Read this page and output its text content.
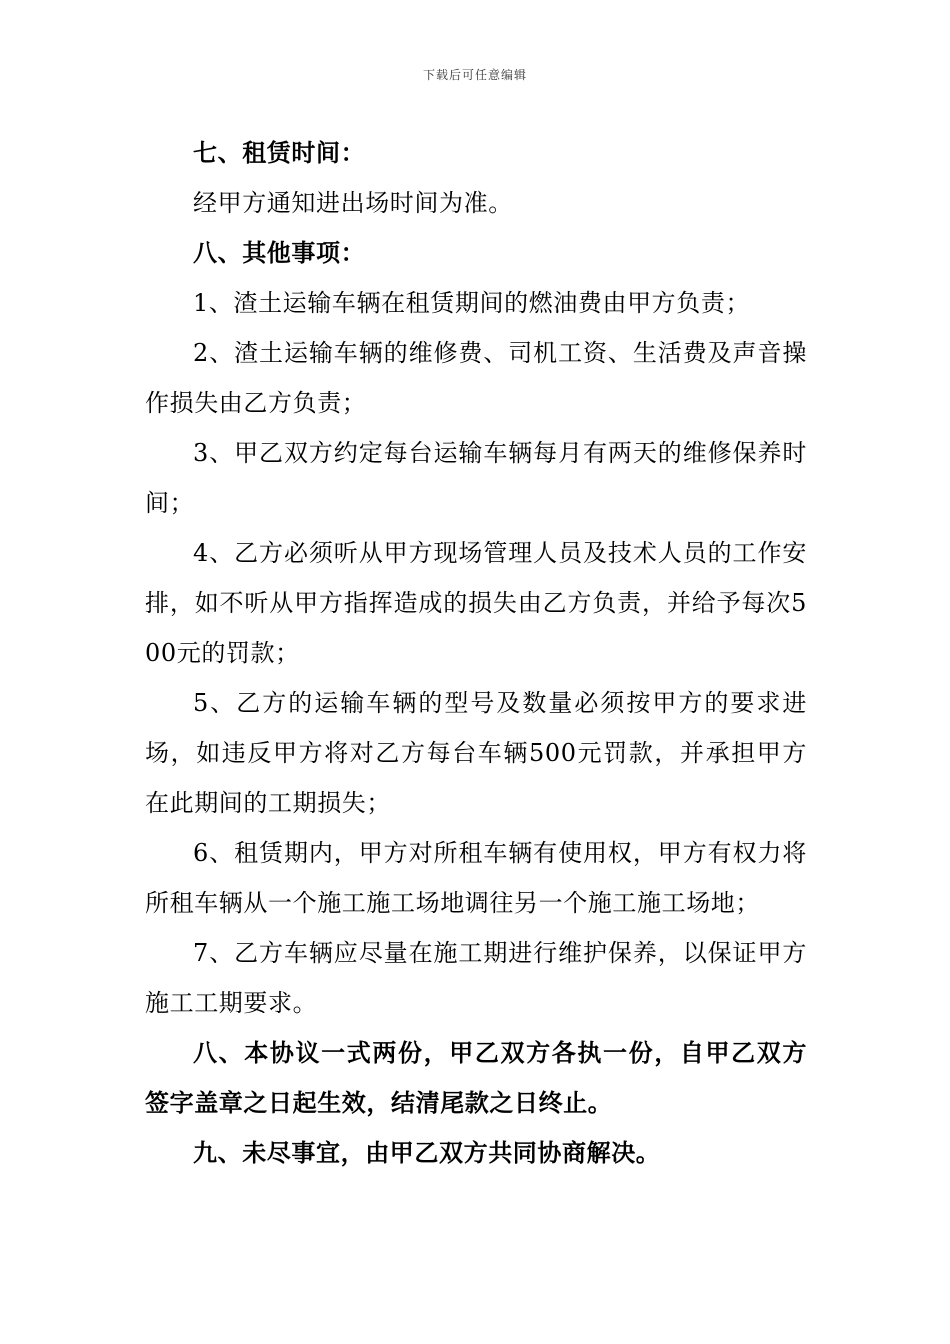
下载后可任意编辑

七、租赁时间：

经甲方通知进出场时间为准。

八、其他事项：

1、渣土运输车辆在租赁期间的燃油费由甲方负责；

2、渣土运输车辆的维修费、司机工资、生活费及声音操作损失由乙方负责；

3、甲乙双方约定每台运输车辆每月有两天的维修保养时间；

4、乙方必须听从甲方现场管理人员及技术人员的工作安排，如不听从甲方指挥造成的损失由乙方负责，并给予每次500元的罚款；

5、乙方的运输车辆的型号及数量必须按甲方的要求进场，如违反甲方将对乙方每台车辆500元罚款，并承担甲方在此期间的工期损失；

6、租赁期内，甲方对所租车辆有使用权，甲方有权力将所租车辆从一个施工施工场地调往另一个施工施工场地；

7、乙方车辆应尽量在施工期进行维护保养，以保证甲方施工工期要求。

八、本协议一式两份，甲乙双方各执一份，自甲乙双方签字盖章之日起生效，结清尾款之日终止。

九、未尽事宜，由甲乙双方共同协商解决。
